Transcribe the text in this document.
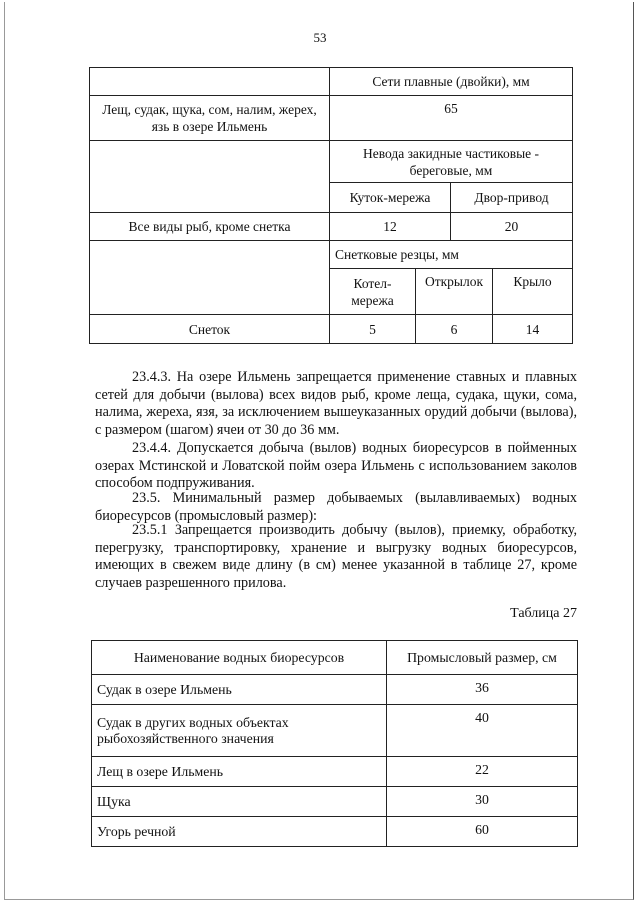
53
	Сети плавные (двойки), мм			
Лещ, судак, щука, сом, налим, жерех, язь в озере Ильмень	65			
	Невода закидные частиковые - береговые, мм			
	Куток-мережа		Двор-привод	
Все виды рыб, кроме снетка	12		20	
	Снетковые резцы, мм			
	Котел-мережа	Открылок		Крыло
Снеток	5	6		14

23.4.3. На озере Ильмень запрещается применение ставных и плавных сетей для добычи (вылова) всех видов рыб, кроме леща, судака, щуки, сома, налима, жереха, язя, за исключением вышеуказанных орудий добычи (вылова), с размером (шагом) ячеи от 30 до 36 мм.

23.4.4. Допускается добыча (вылов) водных биоресурсов в пойменных озерах Мстинской и Ловатской пойм озера Ильмень с использованием заколов способом подпруживания.

23.5. Минимальный размер добываемых (вылавливаемых) водных биоресурсов (промысловый размер):

23.5.1 Запрещается производить добычу (вылов), приемку, обработку, перегрузку, транспортировку, хранение и выгрузку водных биоресурсов, имеющих в свежем виде длину (в см) менее указанной в таблице 27, кроме случаев разрешенного прилова.

Таблица 27
Наименование водных биоресурсов	Промысловый размер, см
Судак в озере Ильмень	36
Судак в других водных объектах рыбохозяйственного значения	40
Лещ в озере Ильмень	22
Щука	30
Угорь речной	60
